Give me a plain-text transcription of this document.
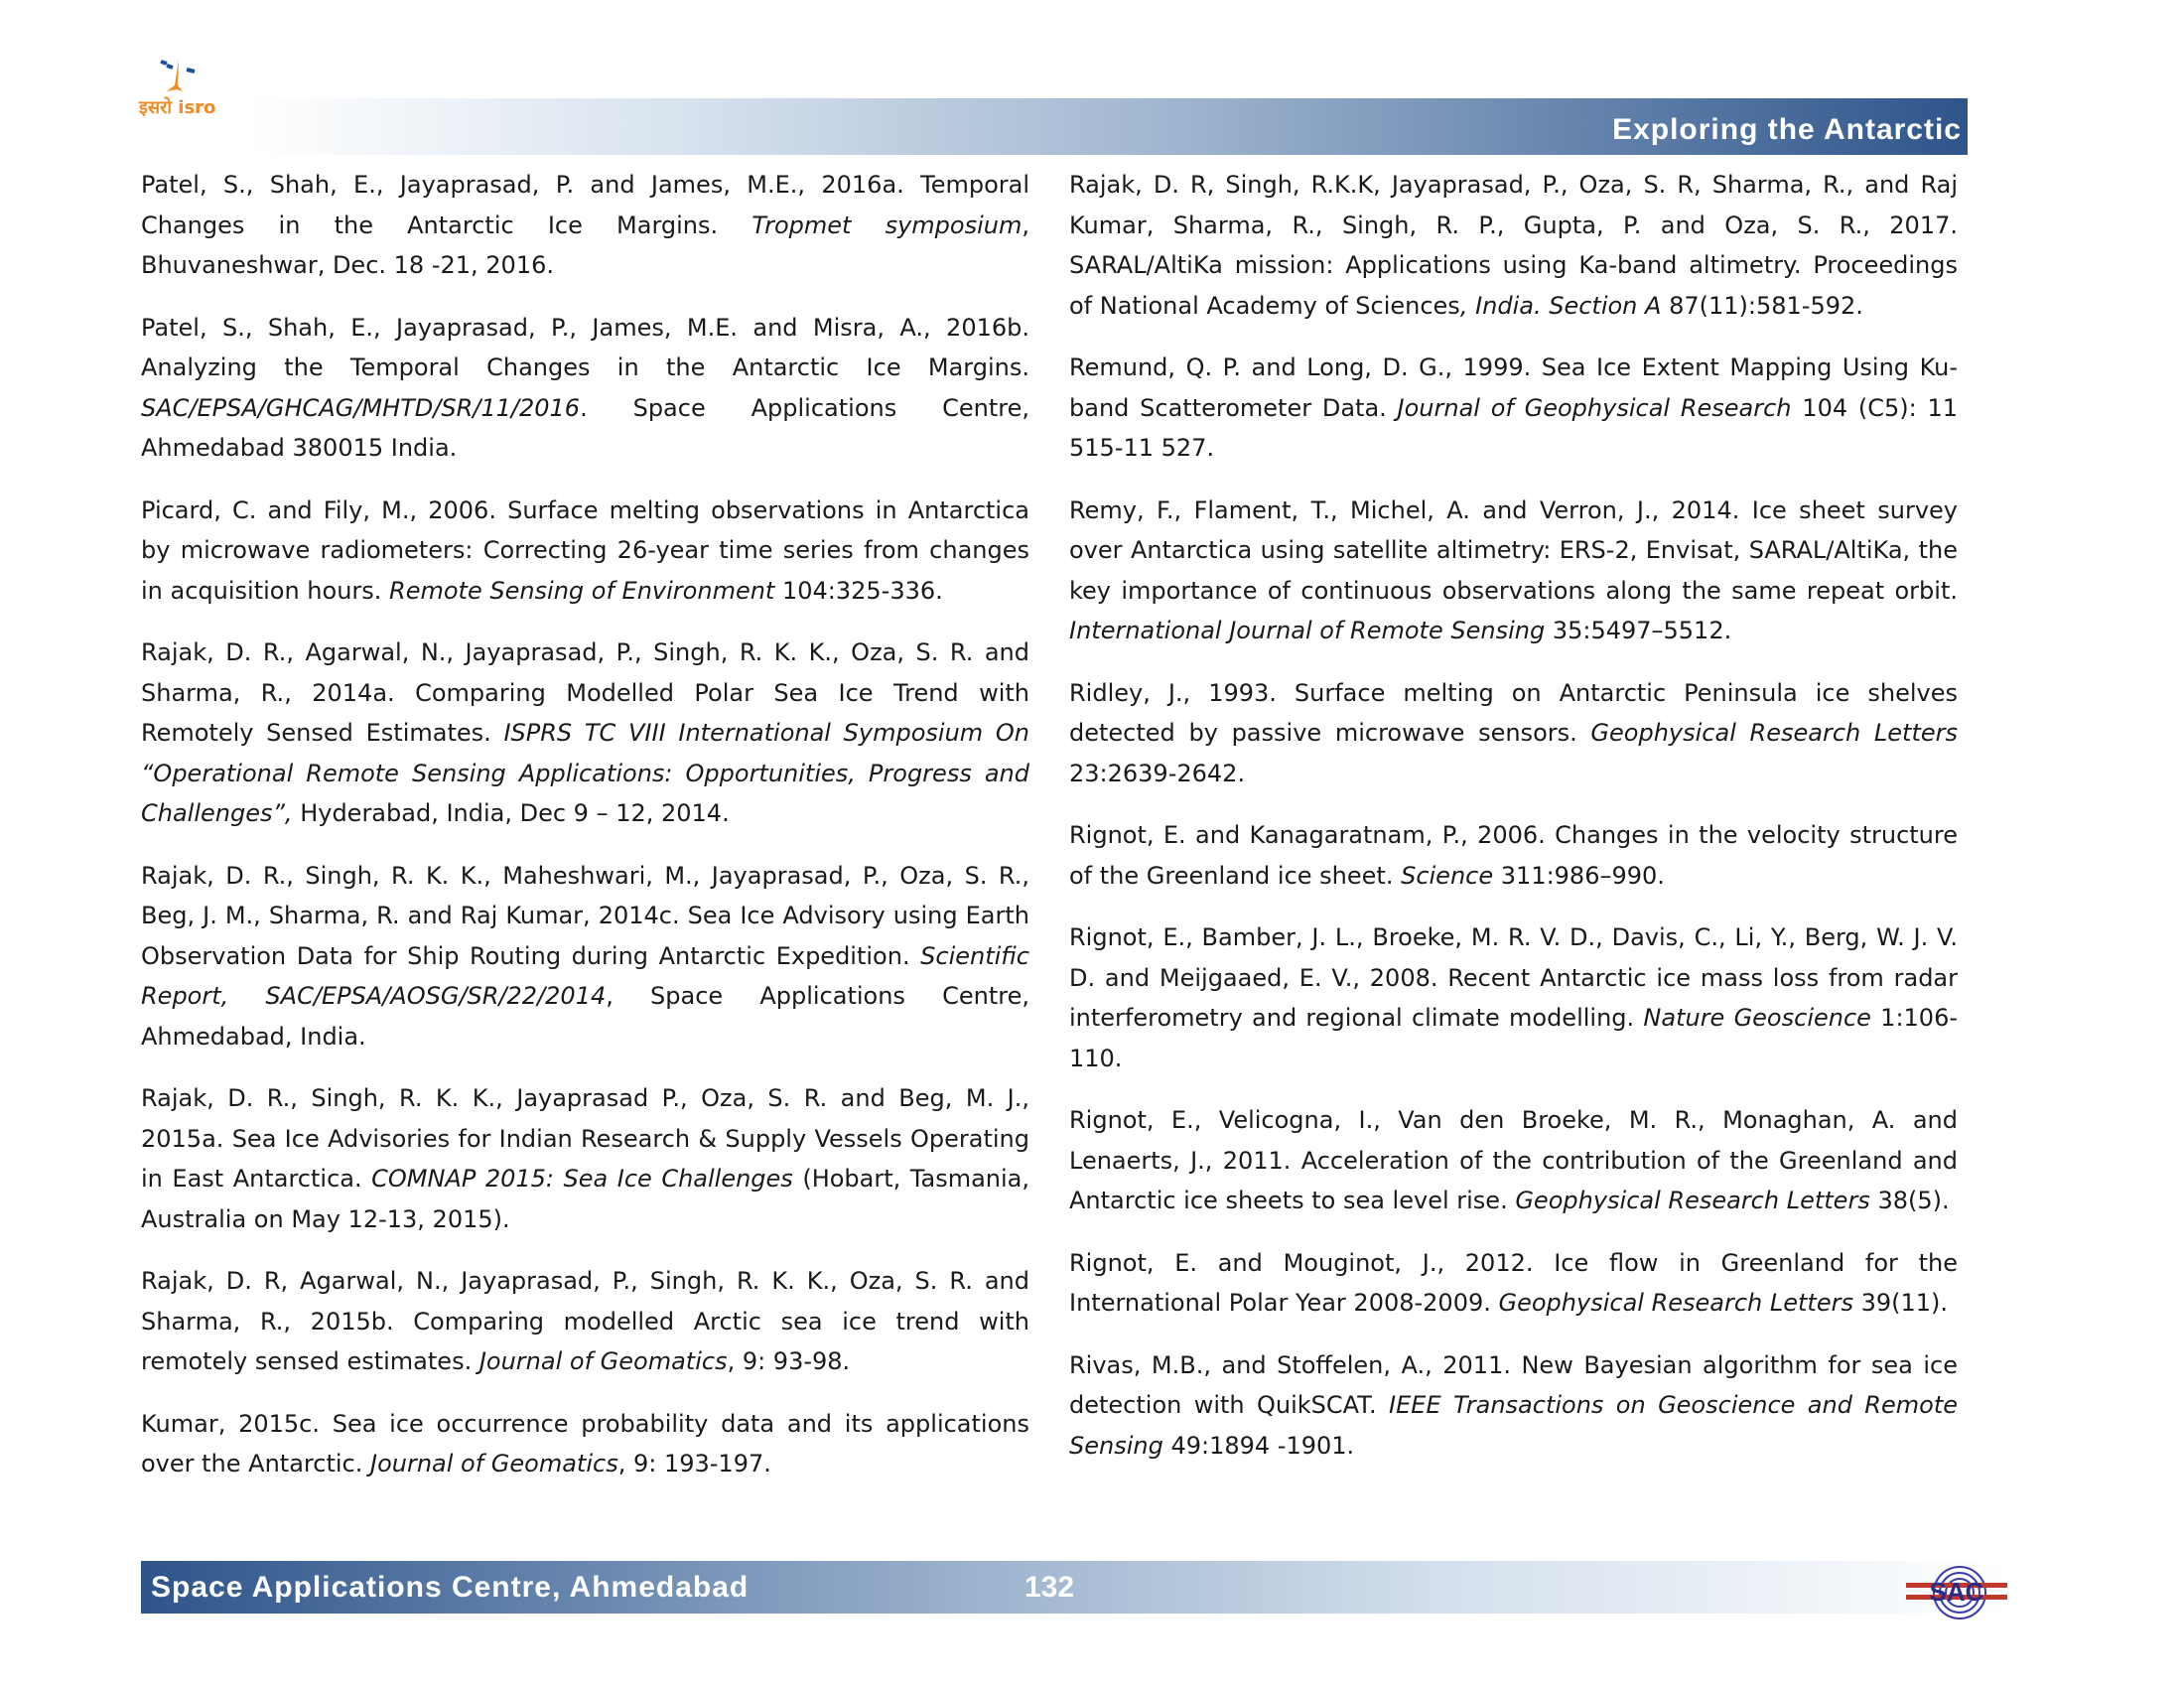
इसरो isro
Exploring the Antarctic

Patel, S., Shah, E., Jayaprasad, P. and James, M.E., 2016a. Temporal Changes in the Antarctic Ice Margins. Tropmet symposium, Bhuvaneshwar, Dec. 18 -21, 2016.

Patel, S., Shah, E., Jayaprasad, P., James, M.E. and Misra, A., 2016b. Analyzing the Temporal Changes in the Antarctic Ice Margins. SAC/EPSA/GHCAG/MHTD/SR/11/2016. Space Applications Centre, Ahmedabad 380015 India.

Picard, C. and Fily, M., 2006. Surface melting observations in Antarctica by microwave radiometers: Correcting 26-year time series from changes in acquisition hours. Remote Sensing of Environment 104:325-336.

Rajak, D. R., Agarwal, N., Jayaprasad, P., Singh, R. K. K., Oza, S. R. and Sharma, R., 2014a. Comparing Modelled Polar Sea Ice Trend with Remotely Sensed Estimates. ISPRS TC VIII International Symposium On “Operational Remote Sensing Applications: Opportunities, Progress and Challenges”, Hyderabad, India, Dec 9 – 12, 2014.

Rajak, D. R., Singh, R. K. K., Maheshwari, M., Jayaprasad, P., Oza, S. R., Beg, J. M., Sharma, R. and Raj Kumar, 2014c. Sea Ice Advisory using Earth Observation Data for Ship Routing during Antarctic Expedition. Scientific Report, SAC/EPSA/AOSG/SR/22/2014, Space Applications Centre, Ahmedabad, India.

Rajak, D. R., Singh, R. K. K., Jayaprasad P., Oza, S. R. and Beg, M. J., 2015a. Sea Ice Advisories for Indian Research & Supply Vessels Operating in East Antarctica. COMNAP 2015: Sea Ice Challenges (Hobart, Tasmania, Australia on May 12-13, 2015).

Rajak, D. R, Agarwal, N., Jayaprasad, P., Singh, R. K. K., Oza, S. R. and Sharma, R., 2015b. Comparing modelled Arctic sea ice trend with remotely sensed estimates. Journal of Geomatics, 9: 93-98.

Kumar, 2015c. Sea ice occurrence probability data and its applications over the Antarctic. Journal of Geomatics, 9: 193-197.

Rajak, D. R, Singh, R.K.K, Jayaprasad, P., Oza, S. R, Sharma, R., and Raj Kumar, Sharma, R., Singh, R. P., Gupta, P. and Oza, S. R., 2017. SARAL/AltiKa mission: Applications using Ka-band altimetry. Proceedings of National Academy of Sciences, India. Section A 87(11):581-592.

Remund, Q. P. and Long, D. G., 1999. Sea Ice Extent Mapping Using Ku-band Scatterometer Data. Journal of Geophysical Research 104 (C5): 11 515-11 527.

Remy, F., Flament, T., Michel, A. and Verron, J., 2014. Ice sheet survey over Antarctica using satellite altimetry: ERS-2, Envisat, SARAL/AltiKa, the key importance of continuous observations along the same repeat orbit. International Journal of Remote Sensing 35:5497–5512.

Ridley, J., 1993. Surface melting on Antarctic Peninsula ice shelves detected by passive microwave sensors. Geophysical Research Letters 23:2639-2642.

Rignot, E. and Kanagaratnam, P., 2006. Changes in the velocity structure of the Greenland ice sheet. Science 311:986–990.

Rignot, E., Bamber, J. L., Broeke, M. R. V. D., Davis, C., Li, Y., Berg, W. J. V. D. and Meijgaaed, E. V., 2008. Recent Antarctic ice mass loss from radar interferometry and regional climate modelling. Nature Geoscience 1:106-110.

Rignot, E., Velicogna, I., Van den Broeke, M. R., Monaghan, A. and Lenaerts, J., 2011. Acceleration of the contribution of the Greenland and Antarctic ice sheets to sea level rise. Geophysical Research Letters 38(5).

Rignot, E. and Mouginot, J., 2012. Ice flow in Greenland for the International Polar Year 2008-2009. Geophysical Research Letters 39(11).

Rivas, M.B., and Stoffelen, A., 2011. New Bayesian algorithm for sea ice detection with QuikSCAT. IEEE Transactions on Geoscience and Remote Sensing 49:1894 -1901.

Space Applications Centre, Ahmedabad	132	SAC
